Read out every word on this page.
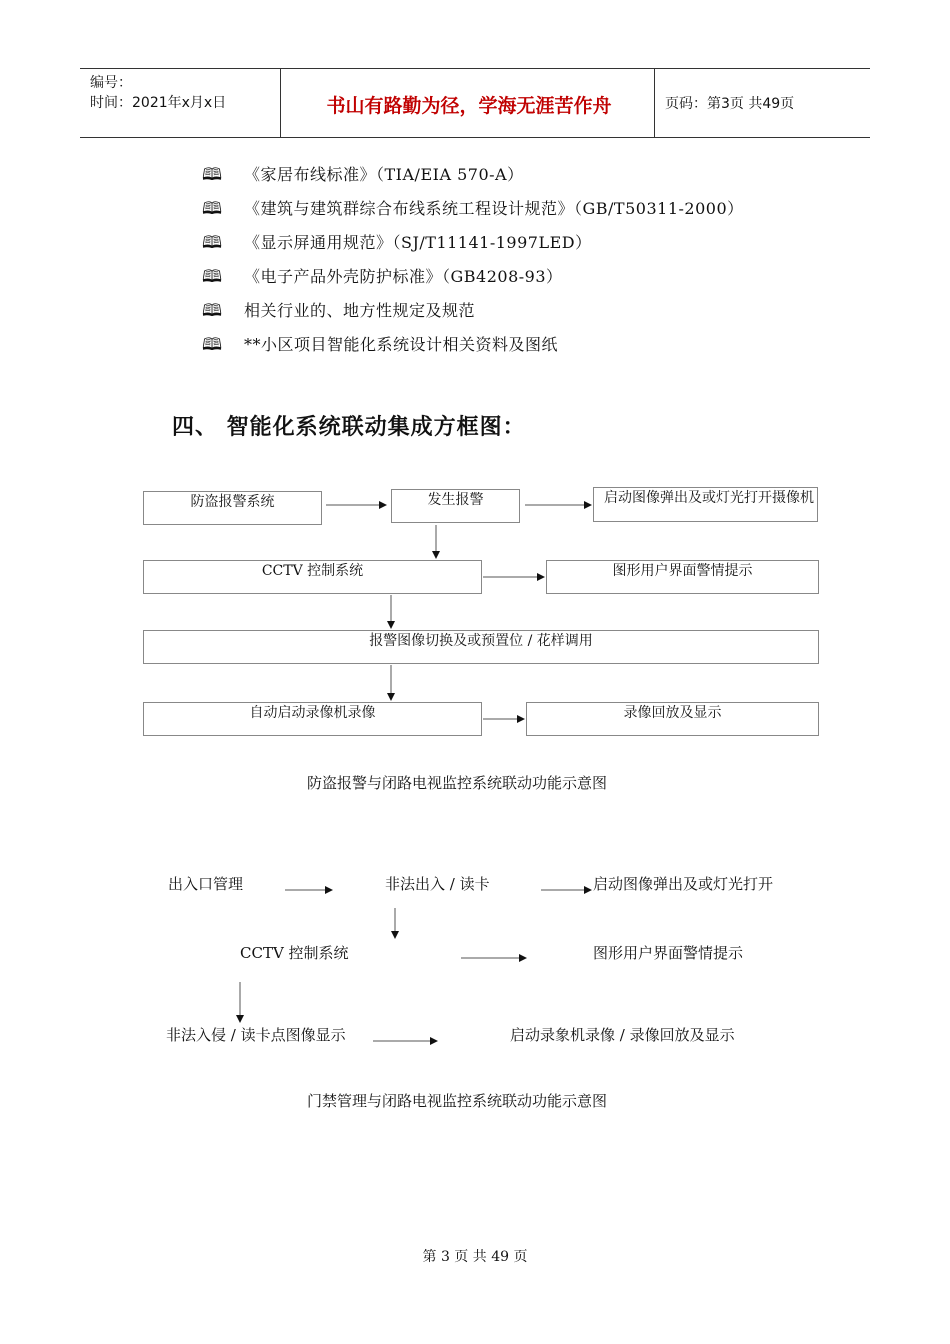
编号：
时间：2021年x月x日	书山有路勤为径，学海无涯苦作舟	页码：第3页 共49页
🕮 《家居布线标准》（TIA/EIA 570-A）
🕮 《建筑与建筑群综合布线系统工程设计规范》（GB/T50311-2000）
🕮 《显示屏通用规范》（SJ/T11141-1997LED）
🕮 《电子产品外壳防护标准》（GB4208-93）
🕮 相关行业的、地方性规定及规范
🕮 **小区项目智能化系统设计相关资料及图纸
四、 智能化系统联动集成方框图：
防盗报警系统	发生报警	启动图像弹出及或灯光打开摄像机
CCTV 控制系统	图形用户界面警情提示
报警图像切换及或预置位 / 花样调用
自动启动录像机录像	录像回放及显示
防盗报警与闭路电视监控系统联动功能示意图
出入口管理	非法出入 / 读卡	启动图像弹出及或灯光打开
CCTV 控制系统	图形用户界面警情提示
非法入侵 / 读卡点图像显示	启动录象机录像 / 录像回放及显示
门禁管理与闭路电视监控系统联动功能示意图
第 3 页 共 49 页
